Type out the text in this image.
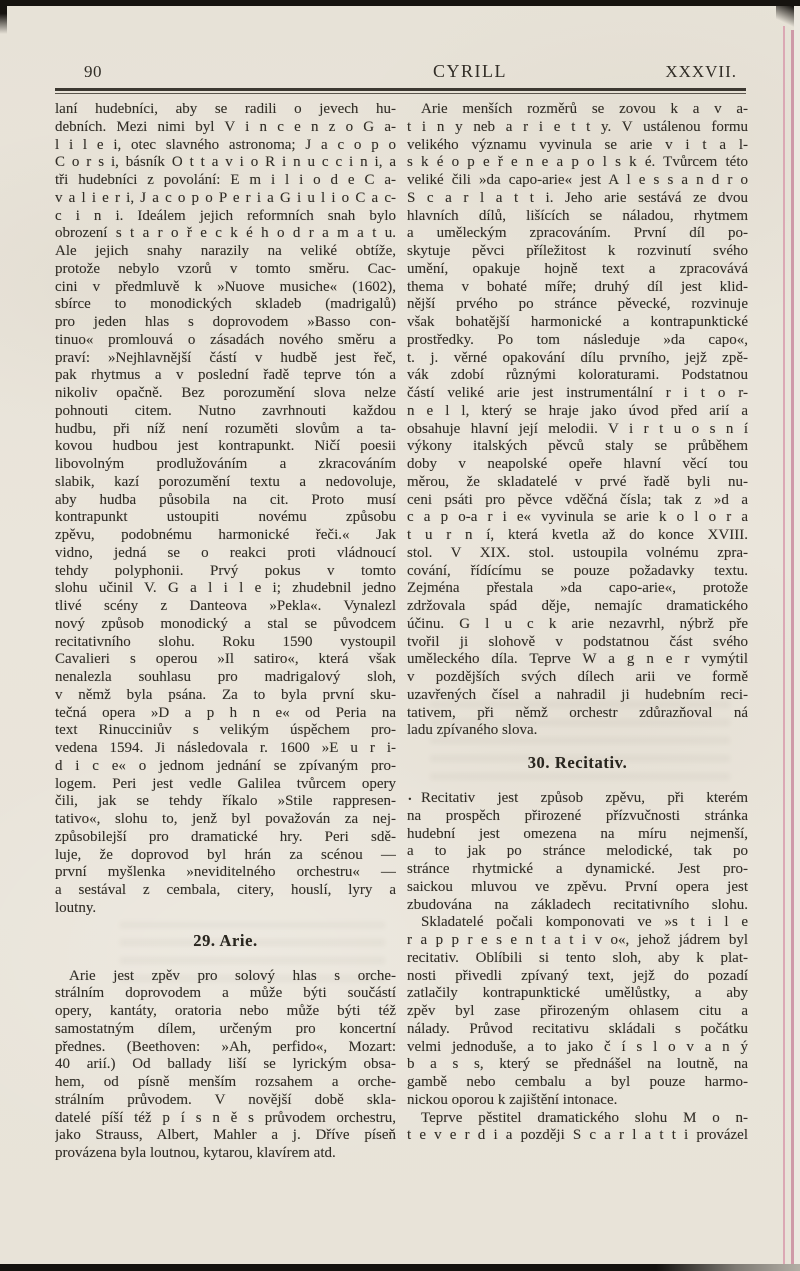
90	CYRILL	XXXVII.
laní hudebníci, aby se radili o jevech hu-
debních. Mezi nimi byl V i n c e n z o G a-
l i l e i, otec slavného astronoma; J a c o p o
C o r s i, básník O t t a v i o R i n u c c i n i, a
tři hudebníci z povolání: E m i l i o d e C a-
v a l i e r i, J a c o p o P e r i a G i u l i o C a c-
c i n i. Ideálem jejich reformních snah bylo
obrození s t a r o ř e c k é h o d r a m a t u.
Ale jejich snahy narazily na veliké obtíže,
protože nebylo vzorů v tomto směru. Cac-
cini v předmluvě k »Nuove musiche« (1602),
sbírce to monodických skladeb (madrigalů)
pro jeden hlas s doprovodem »Basso con-
tinuo« promlouvá o zásadách nového směru a
praví: »Nejhlavnější částí v hudbě jest řeč,
pak rhytmus a v poslední řadě teprve tón a
nikoliv opačně. Bez porozumění slova nelze
pohnouti citem. Nutno zavrhnouti každou
hudbu, při níž není rozuměti slovům a ta-
kovou hudbou jest kontrapunkt. Ničí poesii
libovolným prodlužováním a zkracováním
slabik, kazí porozumění textu a nedovoluje,
aby hudba působila na cit. Proto musí
kontrapunkt ustoupiti novému způsobu
zpěvu, podobnému harmonické řeči.« Jak
vidno, jedná se o reakci proti vládnoucí
tehdy polyphonii. Prvý pokus v tomto
slohu učinil V. G a l i l e i; zhudebnil jedno
tlivé scény z Danteova »Pekla«. Vynalezl
nový způsob monodický a stal se původcem
recitativního slohu. Roku 1590 vystoupil
Cavalieri s operou »Il satiro«, která však
nenalezla souhlasu pro madrigalový sloh,
v němž byla psána. Za to byla první sku-
tečná opera »D a p h n e« od Peria na
text Rinucciniův s velikým úspěchem pro-
vedena 1594. Ji následovala r. 1600 »E u r i-
d i c e« o jednom jednání se zpívaným pro-
logem. Peri jest vedle Galilea tvůrcem opery
čili, jak se tehdy říkalo »Stile rappresen-
tativo«, slohu to, jenž byl považován za nej-
způsobilejší pro dramatické hry. Peri sdě-
luje, že doprovod byl hrán za scénou —
první myšlenka »neviditelného orchestru« —
a sestával z cembala, citery, houslí, lyry a
loutny.
29. Arie.
Arie jest zpěv pro solový hlas s orche-
strálním doprovodem a může býti součástí
opery, kantáty, oratoria nebo může býti též
samostatným dílem, určeným pro koncertní
přednes. (Beethoven: »Ah, perfido«, Mozart:
40 arií.) Od ballady liší se lyrickým obsa-
hem, od písně menším rozsahem a orche-
strálním průvodem. V novější době skla-
datelé píší též p í s n ě s průvodem orchestru,
jako Strauss, Albert, Mahler a j. Dříve píseň
provázena byla loutnou, kytarou, klavírem atd.
Arie menších rozměrů se zovou k a v a-
t i n y neb a r i e t t y. V ustálenou formu
velikého významu vyvinula se arie v i t a l-
s k é o p e ř e n e a p o l s k é. Tvůrcem této
veliké čili »da capo-arie« jest A l e s s a n d r o
S c a r l a t t i. Jeho arie sestává ze dvou
hlavních dílů, lišících se náladou, rhytmem
a uměleckým zpracováním. První díl po-
skytuje pěvci příležitost k rozvinutí svého
umění, opakuje hojně text a zpracovává
thema v bohaté míře; druhý díl jest klid-
nější prvého po stránce pěvecké, rozvinuje
však bohatější harmonické a kontrapunktické
prostředky. Po tom následuje »da capo«,
t. j. věrné opakování dílu prvního, jejž zpě-
vák zdobí různými koloraturami. Podstatnou
částí veliké arie jest instrumentální r i t o r-
n e l l, který se hraje jako úvod před arií a
obsahuje hlavní její melodii. V i r t u o s n í
výkony italských pěvců staly se průběhem
doby v neapolské opeře hlavní věcí tou
měrou, že skladatelé v prvé řadě byli nu-
ceni psáti pro pěvce vděčná čísla; tak z »d a
c a p o-a r i e« vyvinula se arie k o l o r a
t u r n í, která kvetla až do konce XVIII.
stol. V XIX. stol. ustoupila volnému zpra-
cování, řídícímu se pouze požadavky textu.
Zejména přestala »da capo-arie«, protože
zdržovala spád děje, nemajíc dramatického
účinu. G l u c k arie nezavrhl, nýbrž pře
tvořil ji slohově v podstatnou část svého
uměleckého díla. Teprve W a g n e r vymýtil
v pozdějších svých dílech arii ve formě
uzavřených čísel a nahradil ji hudebním reci-
tativem, při němž orchestr zdůrazňoval ná
ladu zpívaného slova.
30. Recitativ.
Recitativ jest způsob zpěvu, při kterém
na prospěch přirozené přízvučnosti stránka
hudební jest omezena na míru nejmenší,
a to jak po stránce melodické, tak po
stránce rhytmické a dynamické. Jest pro-
saickou mluvou ve zpěvu. První opera jest
zbudována na základech recitativního slohu.
Skladatelé počali komponovati ve »s t i l e
r a p p r e s e n t a t i v o«, jehož jádrem byl
recitativ. Oblíbili si tento sloh, aby k plat-
nosti přivedli zpívaný text, jejž do pozadí
zatlačily kontrapunktické umělůstky, a aby
zpěv byl zase přirozeným ohlasem citu a
nálady. Průvod recitativu skládali s počátku
velmi jednoduše, a to jako č í s l o v a n ý
b a s s, který se přednášel na loutně, na
gambě nebo cembalu a byl pouze harmo-
nickou oporou k zajištění intonace.
Teprve pěstitel dramatického slohu M o n-
t e v e r d i a později S c a r l a t t i provázel
.
